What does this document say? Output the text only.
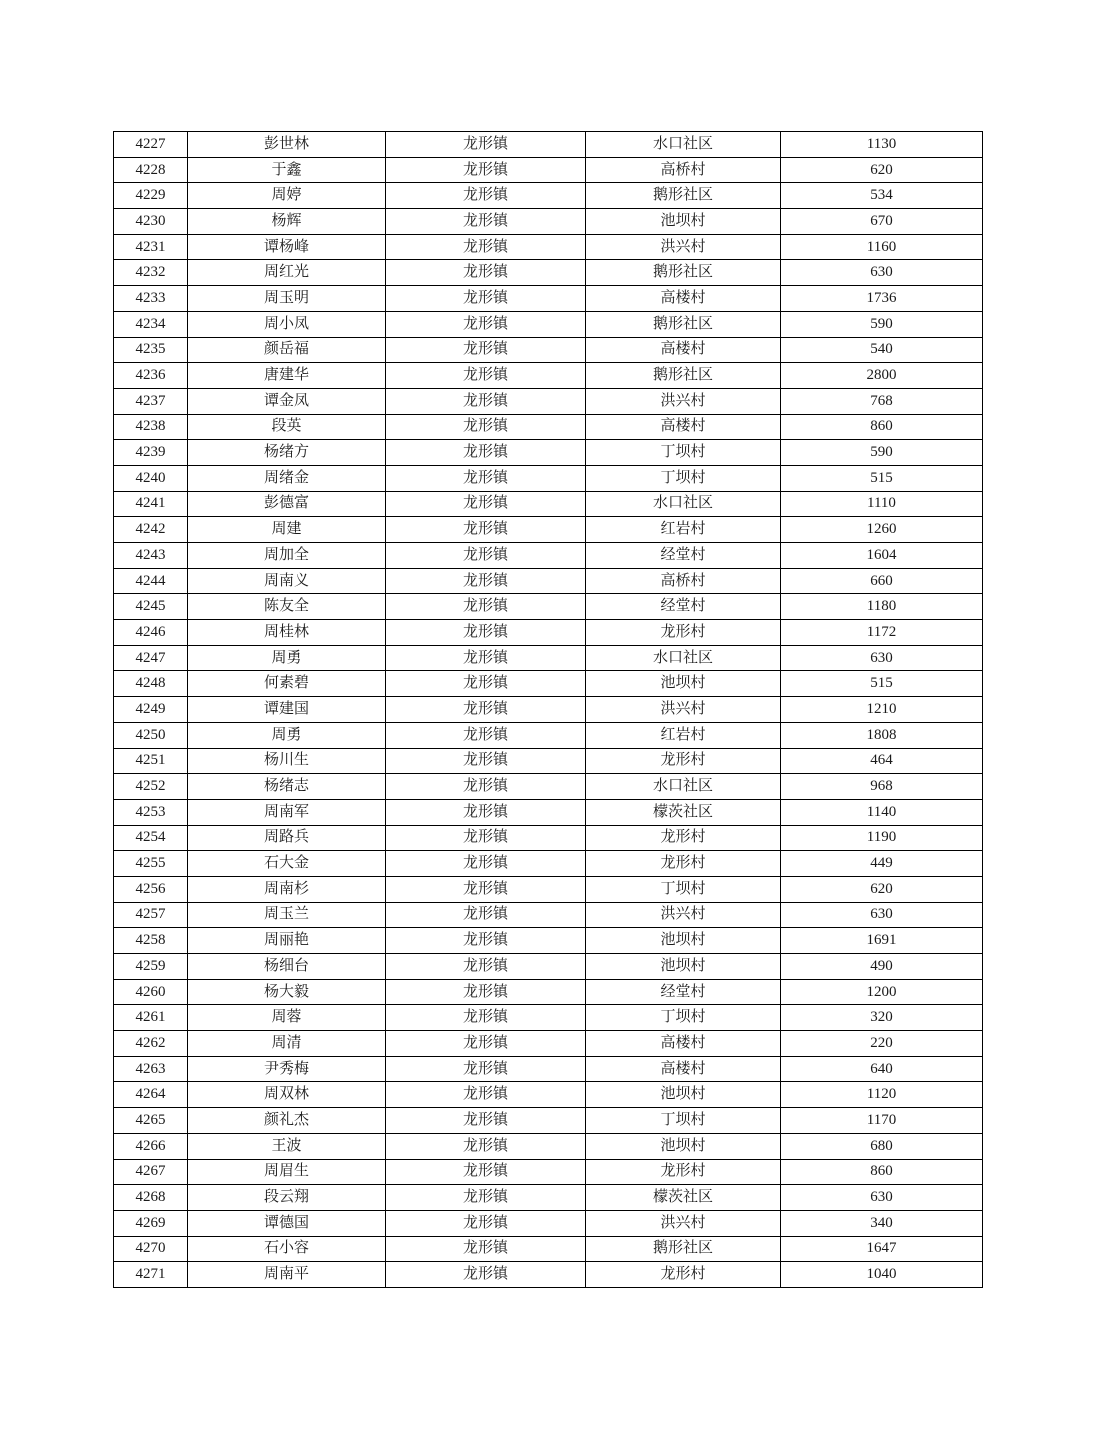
4227	彭世林	龙形镇	水口社区	1130
4228	于鑫	龙形镇	高桥村	620
4229	周婷	龙形镇	鹅形社区	534
4230	杨辉	龙形镇	池坝村	670
4231	谭杨峰	龙形镇	洪兴村	1160
4232	周红光	龙形镇	鹅形社区	630
4233	周玉明	龙形镇	高楼村	1736
4234	周小凤	龙形镇	鹅形社区	590
4235	颜岳福	龙形镇	高楼村	540
4236	唐建华	龙形镇	鹅形社区	2800
4237	谭金凤	龙形镇	洪兴村	768
4238	段英	龙形镇	高楼村	860
4239	杨绪方	龙形镇	丁坝村	590
4240	周绪金	龙形镇	丁坝村	515
4241	彭德富	龙形镇	水口社区	1110
4242	周建	龙形镇	红岩村	1260
4243	周加全	龙形镇	经堂村	1604
4244	周南义	龙形镇	高桥村	660
4245	陈友全	龙形镇	经堂村	1180
4246	周桂林	龙形镇	龙形村	1172
4247	周勇	龙形镇	水口社区	630
4248	何素碧	龙形镇	池坝村	515
4249	谭建国	龙形镇	洪兴村	1210
4250	周勇	龙形镇	红岩村	1808
4251	杨川生	龙形镇	龙形村	464
4252	杨绪志	龙形镇	水口社区	968
4253	周南军	龙形镇	檬茨社区	1140
4254	周路兵	龙形镇	龙形村	1190
4255	石大金	龙形镇	龙形村	449
4256	周南杉	龙形镇	丁坝村	620
4257	周玉兰	龙形镇	洪兴村	630
4258	周丽艳	龙形镇	池坝村	1691
4259	杨细台	龙形镇	池坝村	490
4260	杨大毅	龙形镇	经堂村	1200
4261	周蓉	龙形镇	丁坝村	320
4262	周清	龙形镇	高楼村	220
4263	尹秀梅	龙形镇	高楼村	640
4264	周双林	龙形镇	池坝村	1120
4265	颜礼杰	龙形镇	丁坝村	1170
4266	王波	龙形镇	池坝村	680
4267	周眉生	龙形镇	龙形村	860
4268	段云翔	龙形镇	檬茨社区	630
4269	谭德国	龙形镇	洪兴村	340
4270	石小容	龙形镇	鹅形社区	1647
4271	周南平	龙形镇	龙形村	1040
